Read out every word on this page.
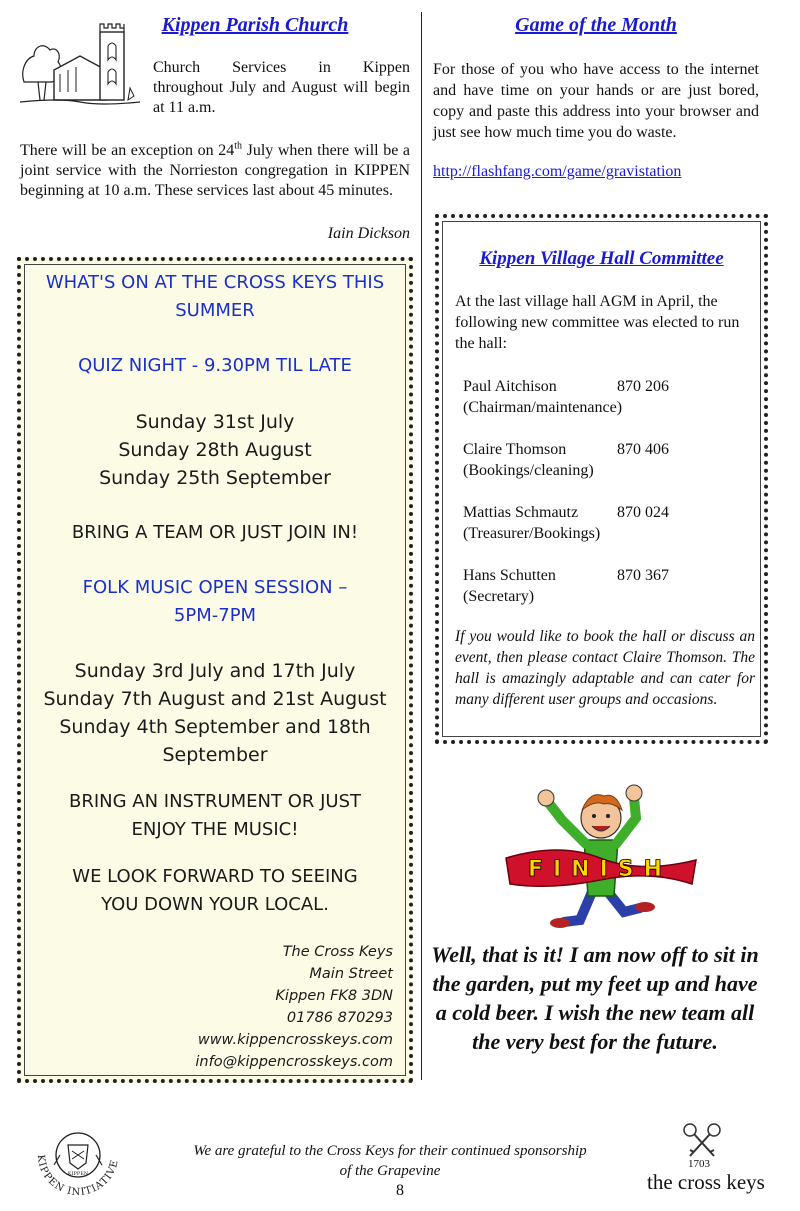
Kippen Parish Church
Church Services in Kippen
throughout July and August will begin at 11 a.m.
There will be an exception on 24th July when there will be a joint service with the Norrieston congregation in KIPPEN beginning at 10 a.m. These services last about 45 minutes.
Iain Dickson
WHAT'S ON AT THE CROSS KEYS THIS
SUMMER
QUIZ NIGHT - 9.30PM TIL LATE
Sunday 31st July
Sunday 28th August
Sunday 25th September
BRING A TEAM OR JUST JOIN IN!
FOLK MUSIC OPEN SESSION –
5PM-7PM
Sunday 3rd July and 17th July
Sunday 7th August and 21st August
Sunday 4th September and 18th
September
BRING AN INSTRUMENT OR JUST
ENJOY THE MUSIC!
WE LOOK FORWARD TO SEEING
YOU DOWN YOUR LOCAL.
The Cross Keys
Main Street
Kippen FK8 3DN
01786 870293
www.kippencrosskeys.com
info@kippencrosskeys.com
Game of the Month
For those of you who have access to the internet and have time on your hands or are just bored, copy and paste this address into your browser and just see how much time you do waste.
http://flashfang.com/game/gravistation
Kippen Village Hall Committee
At the last village hall AGM in April, the following new committee was elected to run the hall:
Paul Aitchison	870 206
(Chairman/maintenance)
Claire Thomson	870 406
(Bookings/cleaning)
Mattias Schmautz 870 024
(Treasurer/Bookings)
Hans Schutten	870 367
(Secretary)
If you would like to book the hall or discuss an event, then please contact Claire Thomson. The hall is amazingly adaptable and can cater for many different user groups and occasions.
FINISH
Well, that is it! I am now off to sit in the garden, put my feet up and have a cold beer. I wish the new team all the very best for the future.
KIPPEN
KIPPEN INITIATIVE
We are grateful to the Cross Keys for their continued sponsorship of the Grapevine
8
1703
the cross keys
